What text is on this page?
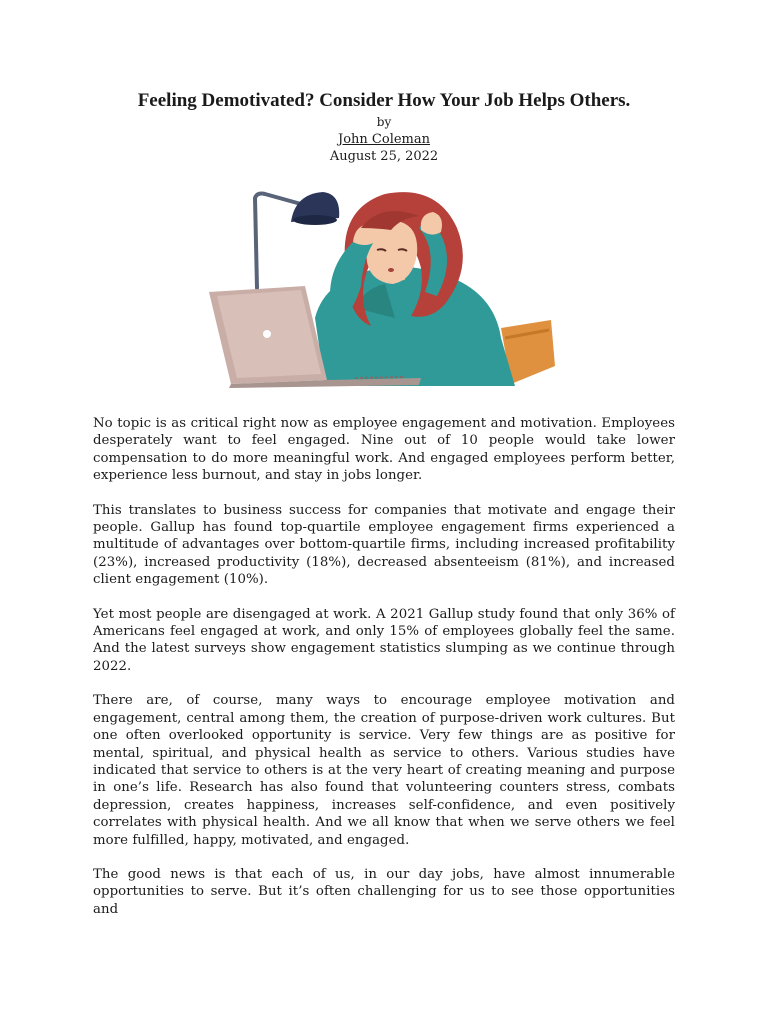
Feeling Demotivated? Consider How Your Job Helps Others.
by
John Coleman
August 25, 2022

No topic is as critical right now as employee engagement and motivation. Employees desperately want to feel engaged. Nine out of 10 people would take lower compensation to do more meaningful work. And engaged employees perform better, experience less burnout, and stay in jobs longer.

This translates to business success for companies that motivate and engage their people. Gallup has found top-quartile employee engagement firms experienced a multitude of advantages over bottom-quartile firms, including increased profitability (23%), increased productivity (18%), decreased absenteeism (81%), and increased client engagement (10%).

Yet most people are disengaged at work. A 2021 Gallup study found that only 36% of Americans feel engaged at work, and only 15% of employees globally feel the same. And the latest surveys show engagement statistics slumping as we continue through 2022.

There are, of course, many ways to encourage employee motivation and engagement, central among them, the creation of purpose-driven work cultures. But one often overlooked opportunity is service. Very few things are as positive for mental, spiritual, and physical health as service to others. Various studies have indicated that service to others is at the very heart of creating meaning and purpose in one’s life. Research has also found that volunteering counters stress, combats depression, creates happiness, increases self-confidence, and even positively correlates with physical health. And we all know that when we serve others we feel more fulfilled, happy, motivated, and engaged.

The good news is that each of us, in our day jobs, have almost innumerable opportunities to serve. But it’s often challenging for us to see those opportunities and
